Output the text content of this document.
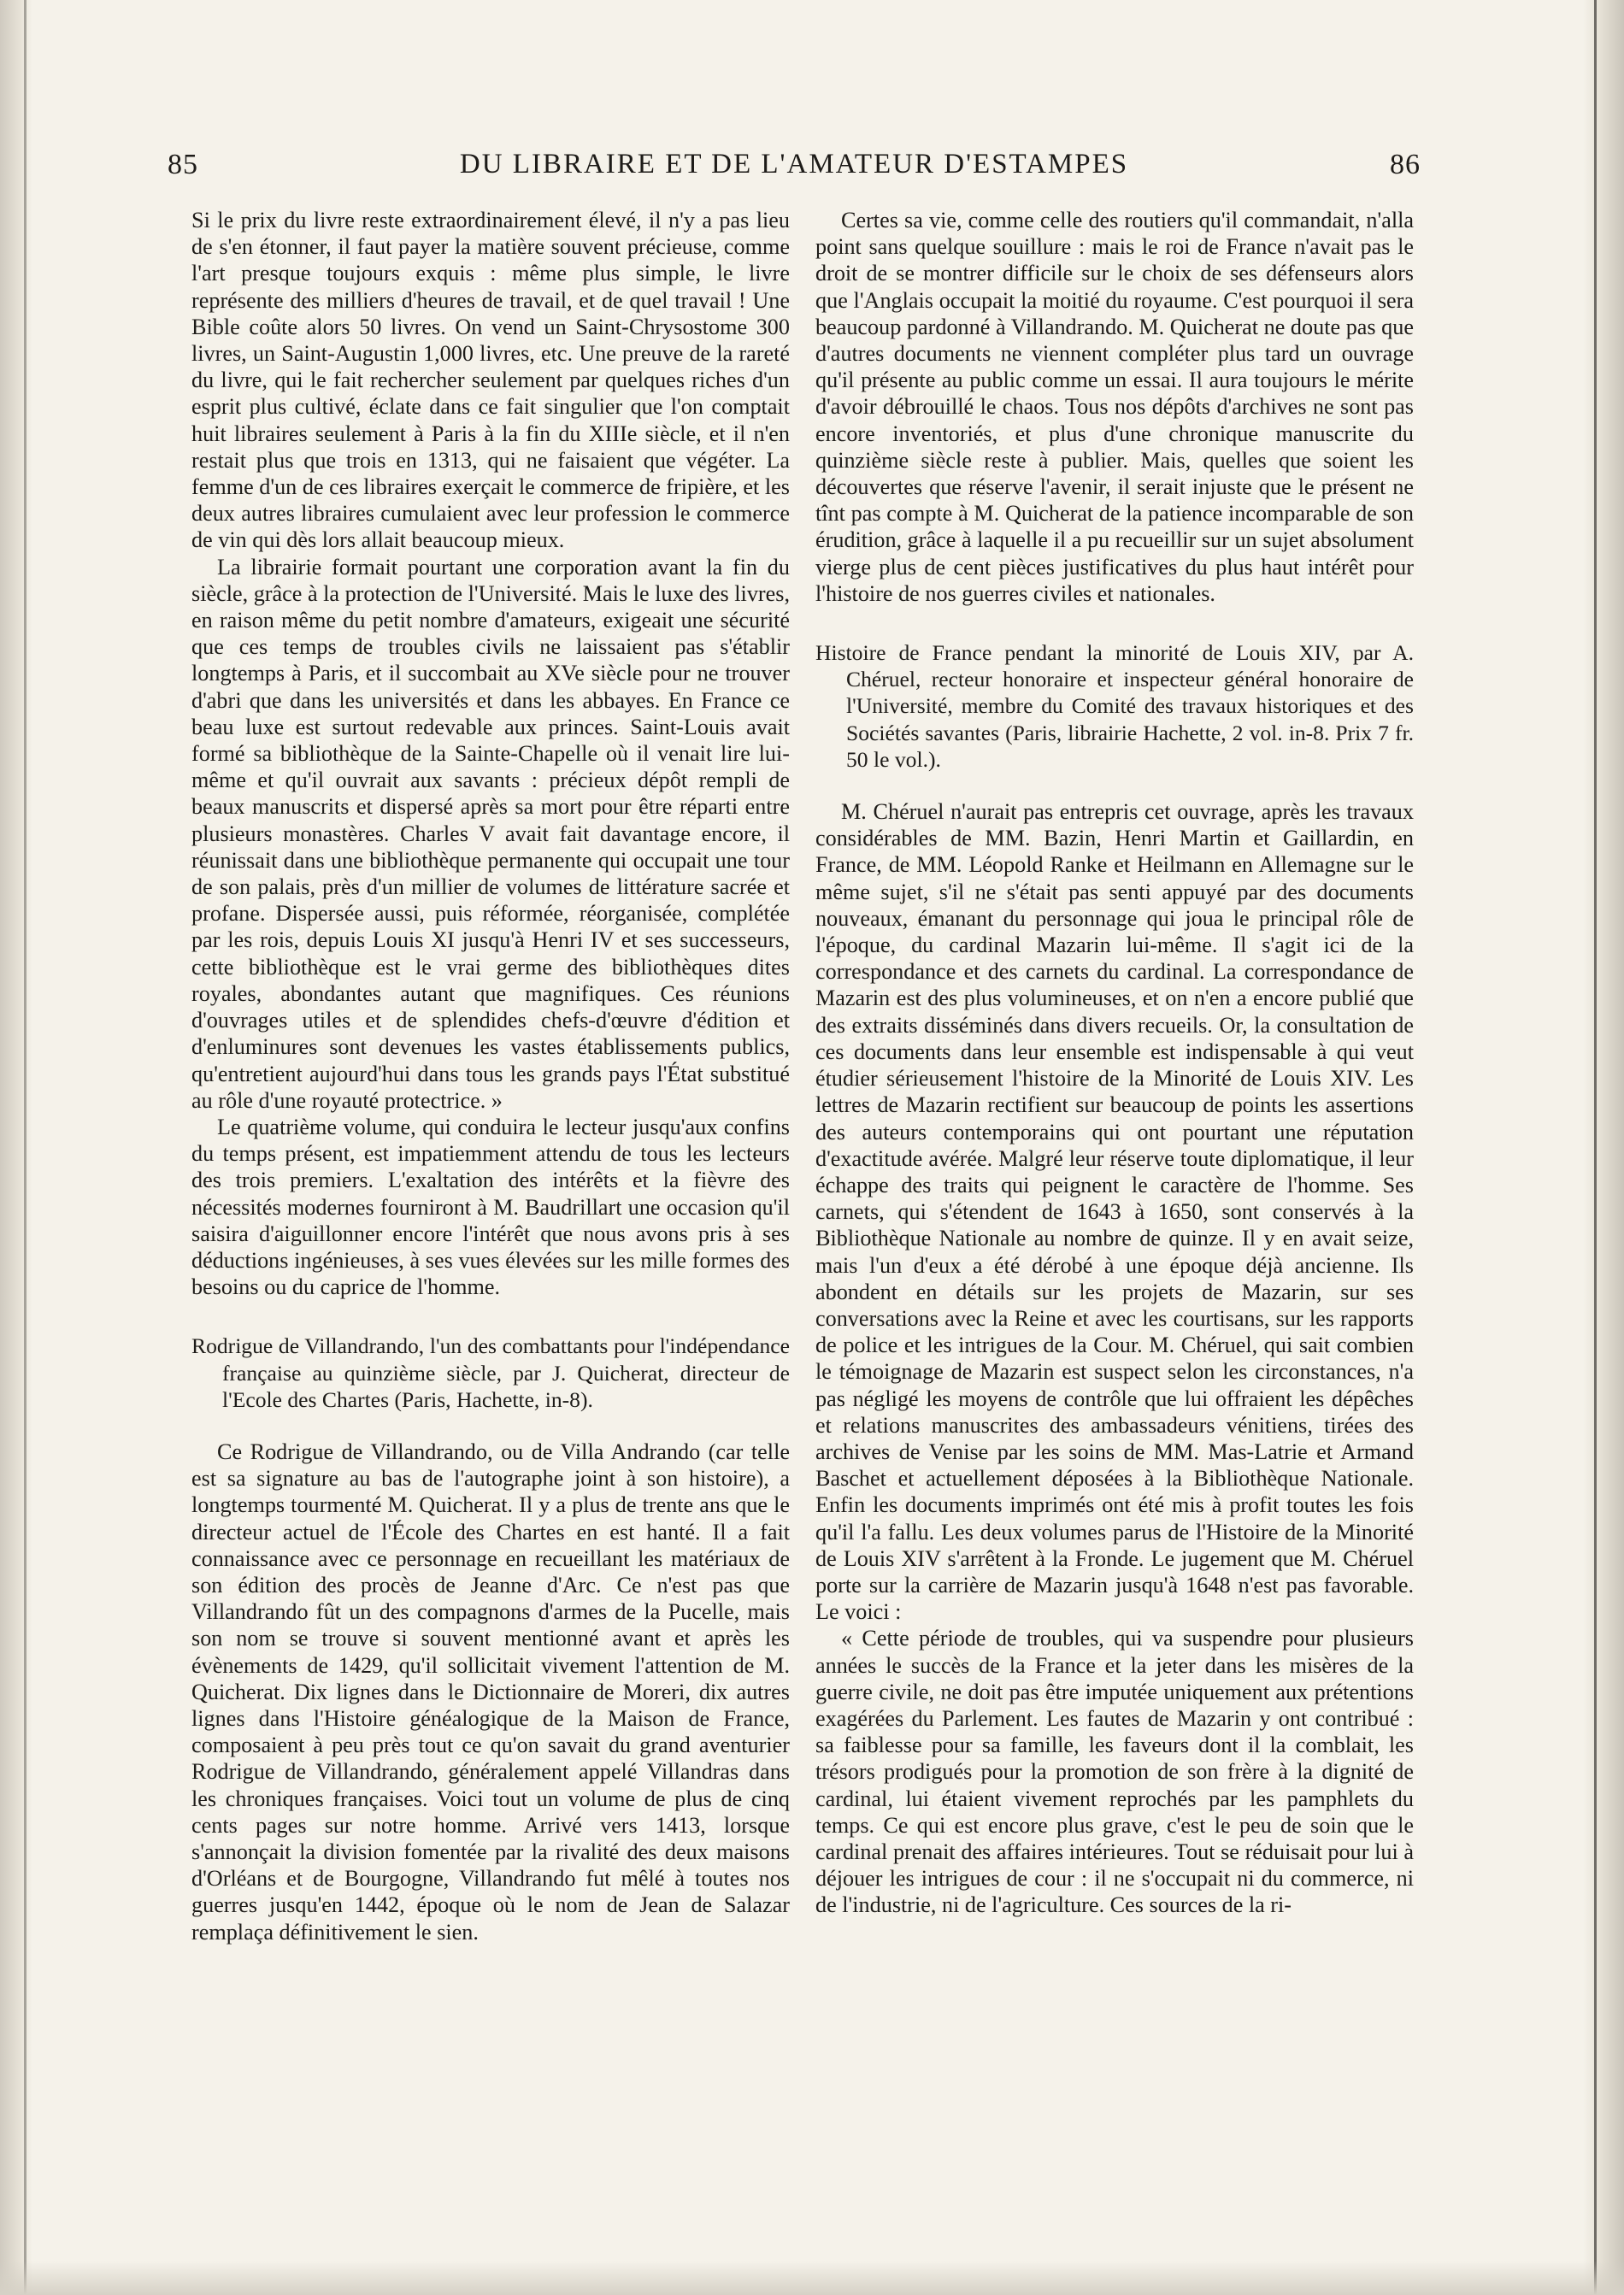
85	DU LIBRAIRE ET DE L'AMATEUR D'ESTAMPES	86

Si le prix du livre reste extraordinairement élevé, il n'y a pas lieu de s'en étonner, il faut payer la matière souvent précieuse, comme l'art presque toujours exquis : même plus simple, le livre représente des milliers d'heures de travail, et de quel travail ! Une Bible coûte alors 50 livres. On vend un Saint-Chrysostome 300 livres, un Saint-Augustin 1,000 livres, etc. Une preuve de la rareté du livre, qui le fait rechercher seulement par quelques riches d'un esprit plus cultivé, éclate dans ce fait singulier que l'on comptait huit libraires seulement à Paris à la fin du XIIIe siècle, et il n'en restait plus que trois en 1313, qui ne faisaient que végéter. La femme d'un de ces libraires exerçait le commerce de fripière, et les deux autres libraires cumulaient avec leur profession le commerce de vin qui dès lors allait beaucoup mieux.

La librairie formait pourtant une corporation avant la fin du siècle, grâce à la protection de l'Université. Mais le luxe des livres, en raison même du petit nombre d'amateurs, exigeait une sécurité que ces temps de troubles civils ne laissaient pas s'établir longtemps à Paris, et il succombait au XVe siècle pour ne trouver d'abri que dans les universités et dans les abbayes. En France ce beau luxe est surtout redevable aux princes. Saint-Louis avait formé sa bibliothèque de la Sainte-Chapelle où il venait lire lui-même et qu'il ouvrait aux savants : précieux dépôt rempli de beaux manuscrits et dispersé après sa mort pour être réparti entre plusieurs monastères. Charles V avait fait davantage encore, il réunissait dans une bibliothèque permanente qui occupait une tour de son palais, près d'un millier de volumes de littérature sacrée et profane. Dispersée aussi, puis réformée, réorganisée, complétée par les rois, depuis Louis XI jusqu'à Henri IV et ses successeurs, cette bibliothèque est le vrai germe des bibliothèques dites royales, abondantes autant que magnifiques. Ces réunions d'ouvrages utiles et de splendides chefs-d'œuvre d'édition et d'enluminures sont devenues les vastes établissements publics, qu'entretient aujourd'hui dans tous les grands pays l'État substitué au rôle d'une royauté protectrice. »

Le quatrième volume, qui conduira le lecteur jusqu'aux confins du temps présent, est impatiemment attendu de tous les lecteurs des trois premiers. L'exaltation des intérêts et la fièvre des nécessités modernes fourniront à M. Baudrillart une occasion qu'il saisira d'aiguillonner encore l'intérêt que nous avons pris à ses déductions ingénieuses, à ses vues élevées sur les mille formes des besoins ou du caprice de l'homme.

Rodrigue de Villandrando, l'un des combattants pour l'indépendance française au quinzième siècle, par J. Quicherat, directeur de l'Ecole des Chartes (Paris, Hachette, in-8).

Ce Rodrigue de Villandrando, ou de Villa Andrando (car telle est sa signature au bas de l'autographe joint à son histoire), a longtemps tourmenté M. Quicherat. Il y a plus de trente ans que le directeur actuel de l'École des Chartes en est hanté. Il a fait connaissance avec ce personnage en recueillant les matériaux de son édition des procès de Jeanne d'Arc. Ce n'est pas que Villandrando fût un des compagnons d'armes de la Pucelle, mais son nom se trouve si souvent mentionné avant et après les évènements de 1429, qu'il sollicitait vivement l'attention de M. Quicherat. Dix lignes dans le Dictionnaire de Moreri, dix autres lignes dans l'Histoire généalogique de la Maison de France, composaient à peu près tout ce qu'on savait du grand aventurier Rodrigue de Villandrando, généralement appelé Villandras dans les chroniques françaises. Voici tout un volume de plus de cinq cents pages sur notre homme. Arrivé vers 1413, lorsque s'annonçait la division fomentée par la rivalité des deux maisons d'Orléans et de Bourgogne, Villandrando fut mêlé à toutes nos guerres jusqu'en 1442, époque où le nom de Jean de Salazar remplaça définitivement le sien.

Certes sa vie, comme celle des routiers qu'il commandait, n'alla point sans quelque souillure : mais le roi de France n'avait pas le droit de se montrer difficile sur le choix de ses défenseurs alors que l'Anglais occupait la moitié du royaume. C'est pourquoi il sera beaucoup pardonné à Villandrando. M. Quicherat ne doute pas que d'autres documents ne viennent compléter plus tard un ouvrage qu'il présente au public comme un essai. Il aura toujours le mérite d'avoir débrouillé le chaos. Tous nos dépôts d'archives ne sont pas encore inventoriés, et plus d'une chronique manuscrite du quinzième siècle reste à publier. Mais, quelles que soient les découvertes que réserve l'avenir, il serait injuste que le présent ne tînt pas compte à M. Quicherat de la patience incomparable de son érudition, grâce à laquelle il a pu recueillir sur un sujet absolument vierge plus de cent pièces justificatives du plus haut intérêt pour l'histoire de nos guerres civiles et nationales.

Histoire de France pendant la minorité de Louis XIV, par A. Chéruel, recteur honoraire et inspecteur général honoraire de l'Université, membre du Comité des travaux historiques et des Sociétés savantes (Paris, librairie Hachette, 2 vol. in-8. Prix 7 fr. 50 le vol.).

M. Chéruel n'aurait pas entrepris cet ouvrage, après les travaux considérables de MM. Bazin, Henri Martin et Gaillardin, en France, de MM. Léopold Ranke et Heilmann en Allemagne sur le même sujet, s'il ne s'était pas senti appuyé par des documents nouveaux, émanant du personnage qui joua le principal rôle de l'époque, du cardinal Mazarin lui-même. Il s'agit ici de la correspondance et des carnets du cardinal. La correspondance de Mazarin est des plus volumineuses, et on n'en a encore publié que des extraits disséminés dans divers recueils. Or, la consultation de ces documents dans leur ensemble est indispensable à qui veut étudier sérieusement l'histoire de la Minorité de Louis XIV. Les lettres de Mazarin rectifient sur beaucoup de points les assertions des auteurs contemporains qui ont pourtant une réputation d'exactitude avérée. Malgré leur réserve toute diplomatique, il leur échappe des traits qui peignent le caractère de l'homme. Ses carnets, qui s'étendent de 1643 à 1650, sont conservés à la Bibliothèque Nationale au nombre de quinze. Il y en avait seize, mais l'un d'eux a été dérobé à une époque déjà ancienne. Ils abondent en détails sur les projets de Mazarin, sur ses conversations avec la Reine et avec les courtisans, sur les rapports de police et les intrigues de la Cour. M. Chéruel, qui sait combien le témoignage de Mazarin est suspect selon les circonstances, n'a pas négligé les moyens de contrôle que lui offraient les dépêches et relations manuscrites des ambassadeurs vénitiens, tirées des archives de Venise par les soins de MM. Mas-Latrie et Armand Baschet et actuellement déposées à la Bibliothèque Nationale. Enfin les documents imprimés ont été mis à profit toutes les fois qu'il l'a fallu. Les deux volumes parus de l'Histoire de la Minorité de Louis XIV s'arrêtent à la Fronde. Le jugement que M. Chéruel porte sur la carrière de Mazarin jusqu'à 1648 n'est pas favorable. Le voici :

« Cette période de troubles, qui va suspendre pour plusieurs années le succès de la France et la jeter dans les misères de la guerre civile, ne doit pas être imputée uniquement aux prétentions exagérées du Parlement. Les fautes de Mazarin y ont contribué : sa faiblesse pour sa famille, les faveurs dont il la comblait, les trésors prodigués pour la promotion de son frère à la dignité de cardinal, lui étaient vivement reprochés par les pamphlets du temps. Ce qui est encore plus grave, c'est le peu de soin que le cardinal prenait des affaires intérieures. Tout se réduisait pour lui à déjouer les intrigues de cour : il ne s'occupait ni du commerce, ni de l'industrie, ni de l'agriculture. Ces sources de la ri-
